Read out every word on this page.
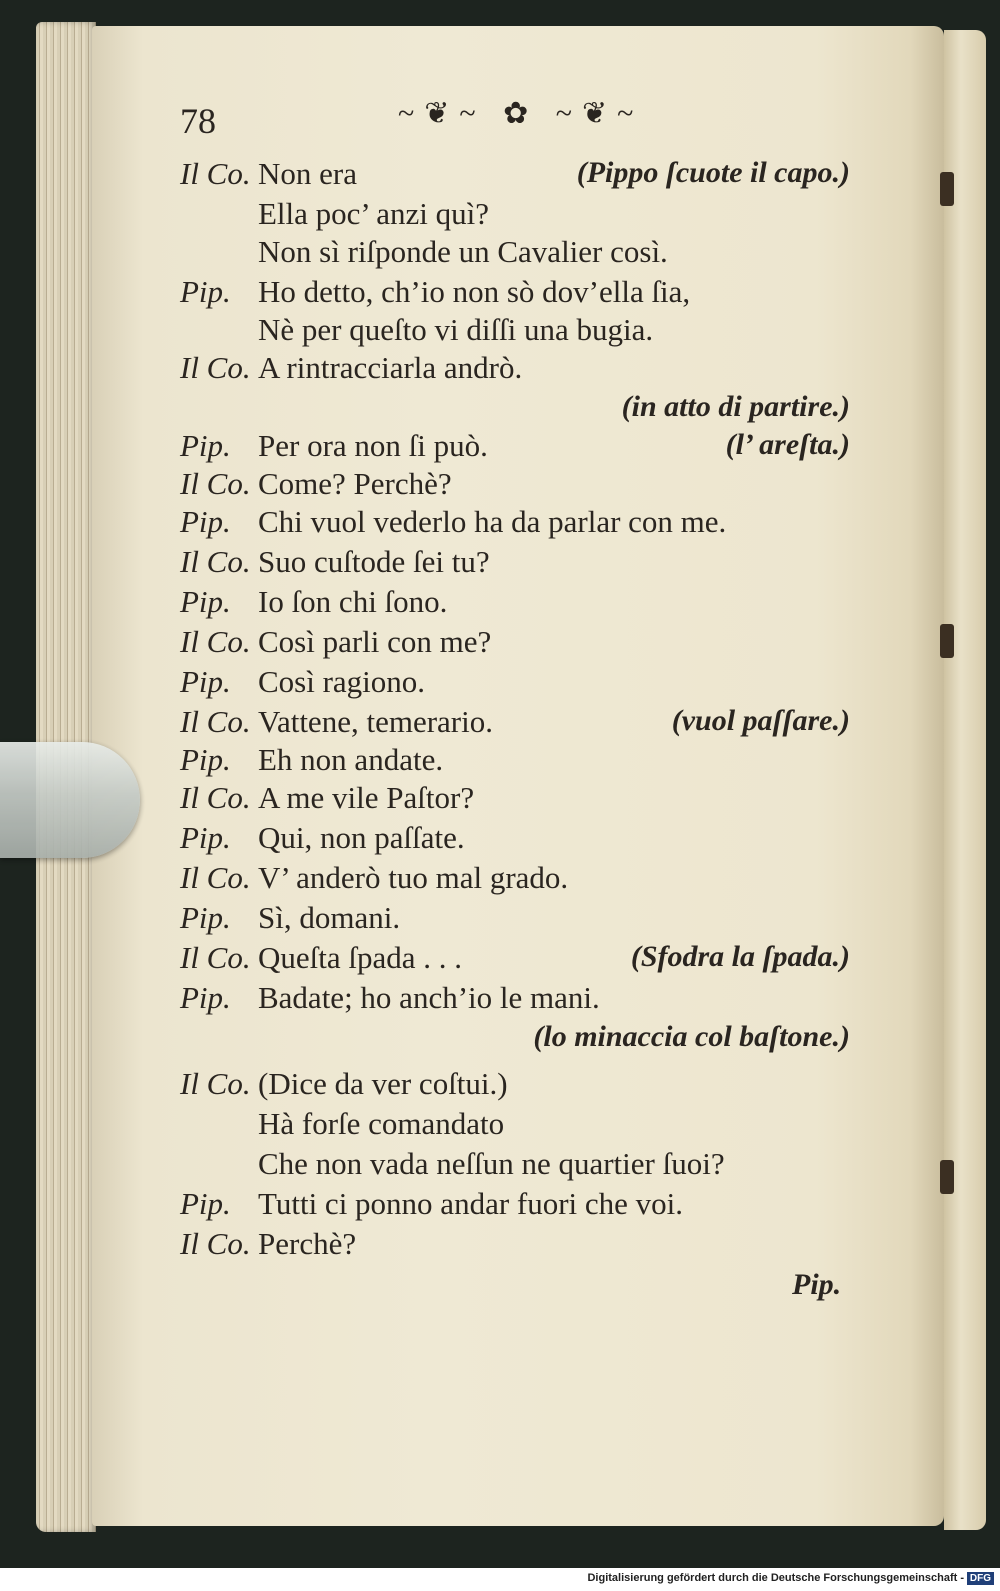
78	~❦~ ✿ ~❦~
Il Co. Non era	(Pippo ſcuote il capo.)
Ella poc’ anzi quì?
Non sì riſponde un Cavalier così.
Pip. Ho detto, ch’io non sò dov’ella ſia,
Nè per queſto vi diſſi una bugia.
Il Co. A rintracciarla andrò.
(in atto di partire.)
Pip. Per ora non ſi può.	(l’ areſta.)
Il Co. Come? Perchè?
Pip. Chi vuol vederlo ha da parlar con me.
Il Co. Suo cuſtode ſei tu?
Pip. Io ſon chi ſono.
Il Co. Così parli con me?
Pip. Così ragiono.
Il Co. Vattene, temerario.	(vuol paſſare.)
Pip. Eh non andate.
Il Co. A me vile Paſtor?
Pip. Qui, non paſſate.
Il Co. V’ anderò tuo mal grado.
Pip. Sì, domani.
Il Co. Queſta ſpada . . .	(Sfodra la ſpada.)
Pip. Badate; ho anch’io le mani.
(lo minaccia col baſtone.)
Il Co. (Dice da ver coſtui.)
Hà forſe comandato
Che non vada neſſun ne quartier ſuoi?
Pip. Tutti ci ponno andar fuori che voi.
Il Co. Perchè?
Pip.
Digitalisierung gefördert durch die Deutsche Forschungsgemeinschaft - DFG
